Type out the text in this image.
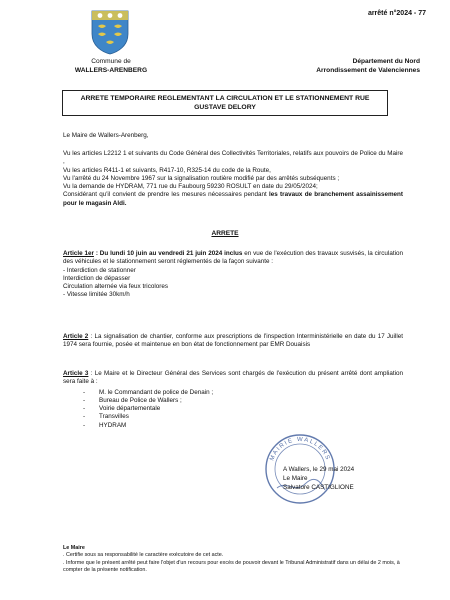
arrêté n°2024 - 77
Commune de
WALLERS-ARENBERG
Département du Nord
Arrondissement de Valenciennes
ARRETE TEMPORAIRE REGLEMENTANT LA CIRCULATION ET LE STATIONNEMENT RUE GUSTAVE DELORY
Le Maire de Wallers-Arenberg,
Vu les articles L2212 1 et suivants du Code Général des Collectivités Territoriales, relatifs aux pouvoirs de Police du Maire ,
Vu les articles R411-1 et suivants, R417-10, R325-14 du code de la Route,
Vu l'arrêté du 24 Novembre 1967 sur la signalisation routière modifié par des arrêtés subséquents ;
Vu la demande de HYDRAM, 771 rue du Faubourg 59230 ROSULT en date du 29/05/2024;
Considérant qu'il convient de prendre les mesures nécessaires pendant les travaux de branchement assainissement pour le magasin Aldi.
ARRETE
Article 1er : Du lundi 10 juin au vendredi 21 juin 2024 inclus en vue de l'exécution des travaux susvisés, la circulation des véhicules et le stationnement seront réglementés de la façon suivante :
- Interdiction de stationner
Interdiction de dépasser
Circulation alternée via feux tricolores
- Vitesse limitée 30km/h
Article 2 : La signalisation de chantier, conforme aux prescriptions de l'inspection Interministérielle en date du 17 Juillet 1974 sera fournie, posée et maintenue en bon état de fonctionnement par EMR Douaisis
Article 3 : Le Maire et le Directeur Général des Services sont chargés de l'exécution du présent arrêté dont ampliation sera faite à :
- M. le Commandant de police de Denain ;
- Bureau de Police de Wallers ;
- Voirie départementale
- Transvilles
- HYDRAM
MAIRIE WALLERS
A Wallers, le 29 mai 2024
Le Maire
Salvatore CASTIGLIONE
Le Maire
. Certifie sous sa responsabilité le caractère exécutoire de cet acte.
. Informe que le présent arrêté peut faire l'objet d'un recours pour excès de pouvoir devant le Tribunal Administratif dans un délai de 2 mois, à compter de la présente notification.
